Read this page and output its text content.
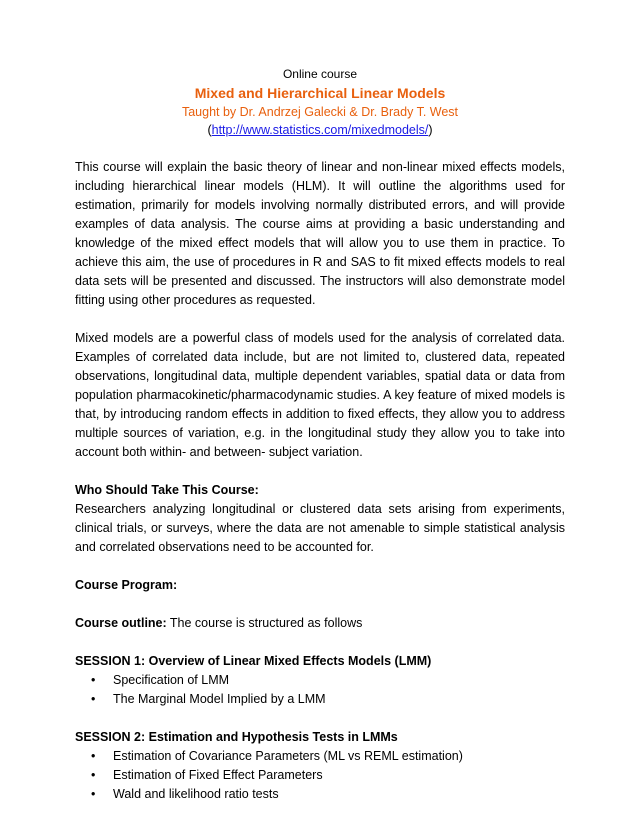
Online course
Mixed and Hierarchical Linear Models
Taught by Dr. Andrzej Galecki & Dr. Brady T. West
(http://www.statistics.com/mixedmodels/)

This course will explain the basic theory of linear and non-linear mixed effects models, including hierarchical linear models (HLM). It will outline the algorithms used for estimation, primarily for models involving normally distributed errors, and will provide examples of data analysis. The course aims at providing a basic understanding and knowledge of the mixed effect models that will allow you to use them in practice. To achieve this aim, the use of procedures in R and SAS to fit mixed effects models to real data sets will be presented and discussed. The instructors will also demonstrate model fitting using other procedures as requested.

Mixed models are a powerful class of models used for the analysis of correlated data. Examples of correlated data include, but are not limited to, clustered data, repeated observations, longitudinal data, multiple dependent variables, spatial data or data from population pharmacokinetic/pharmacodynamic studies. A key feature of mixed models is that, by introducing random effects in addition to fixed effects, they allow you to address multiple sources of variation, e.g. in the longitudinal study they allow you to take into account both within- and between- subject variation.

Who Should Take This Course:

Researchers analyzing longitudinal or clustered data sets arising from experiments, clinical trials, or surveys, where the data are not amenable to simple statistical analysis and correlated observations need to be accounted for.

Course Program:

Course outline: The course is structured as follows

SESSION 1: Overview of Linear Mixed Effects Models (LMM)

• Specification of LMM
• The Marginal Model Implied by a LMM

SESSION 2: Estimation and Hypothesis Tests in LMMs

• Estimation of Covariance Parameters (ML vs REML estimation)
• Estimation of Fixed Effect Parameters
• Wald and likelihood ratio tests
